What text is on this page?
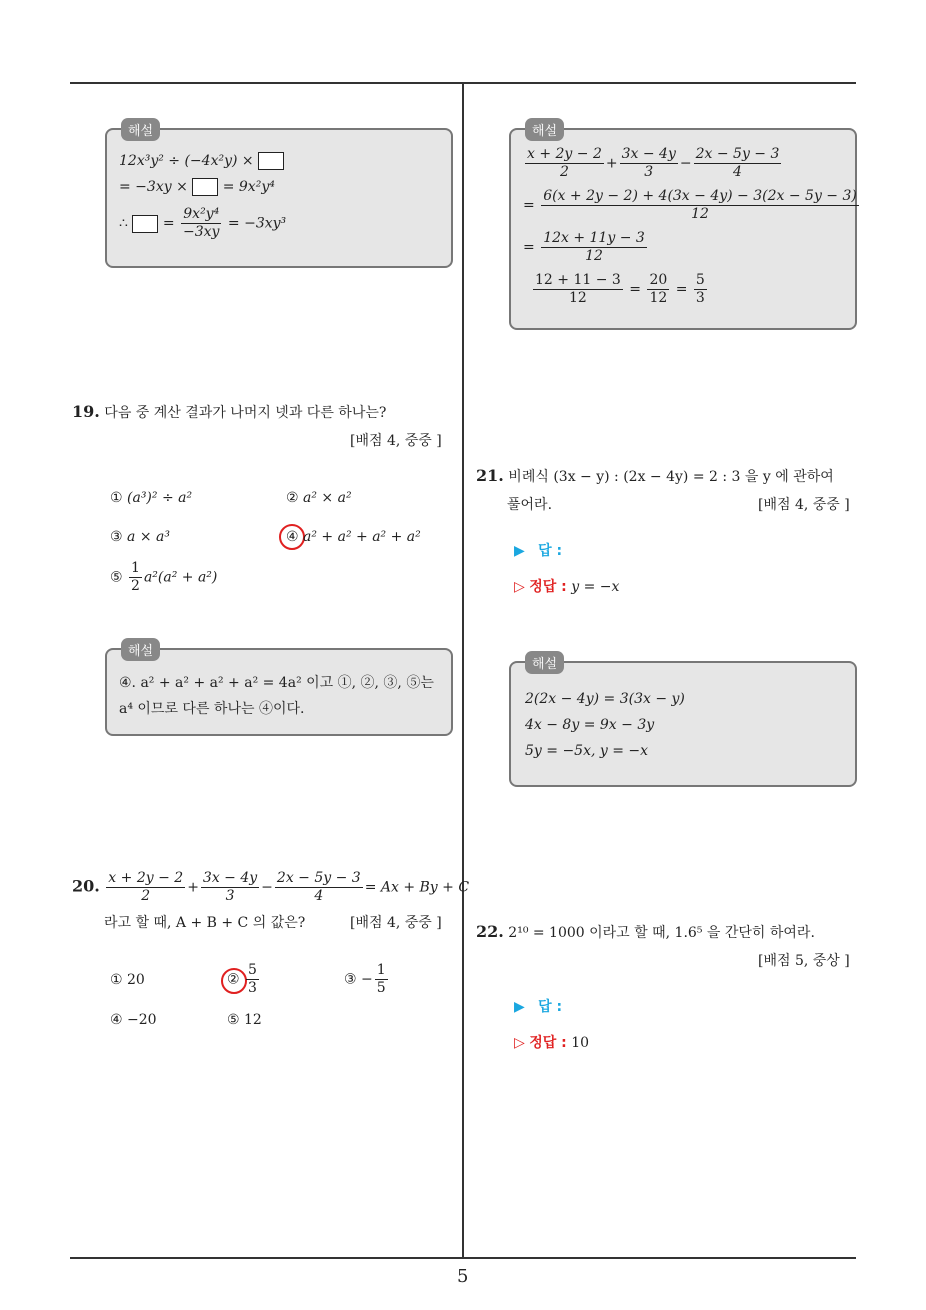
5
해설
12x³y² ÷ (−4x²y) ×
= −3xy × = 9x²y⁴
∴ = $\frac{\text{9x²y⁴}}{-3xy} = -3xy^3$
19. 다음 중 계산 결과가 나머지 넷과 다른 하나는?
[배점 4, 중중 ]
① (a³)² ÷ a²	② a² × a²
③ a × a³	④ a² + a² + a² + a²
⑤ $\frac{1}{2} a^2(a^2 + a^2)$
해설
④. a² + a² + a² + a² = 4a² 이고 ①, ②, ③, ⑤는
a⁴ 이므로 다른 하나는 ④이다.
20. $\frac{x + 2y - 2}{2} + \frac{3x - 4y}{3} - \frac{2x - 5y - 3}{4} = Ax + By + C$
라고 할 때, A + B + C 의 값은?	[배점 4, 중중 ]
① 20	② $\frac{5}{3}$	③ − $\frac{1}{5}$
④ −20	⑤ 12
해설
$\frac{x + 2y - 2}{2} + \frac{3x - 4y}{3} - \frac{2x - 5y - 3}{4}$
= $\frac{6(x + 2y - 2) + 4(3x - 4y) - 3(2x - 5y - 3)}{12}$
= $\frac{12x + 11y - 3}{12}$
$\frac{12 + 11 - 3}{12} = \frac{20}{12} = \frac{5}{3}$
21. 비례식 (3x − y) : (2x − 4y) = 2 : 3 을 y 에 관하여
풀어라.	[배점 4, 중중 ]
▶ 답 :
▷ 정답 : y = −x
해설
2(2x − 4y) = 3(3x − y)
4x − 8y = 9x − 3y
5y = −5x, y = −x
22. 2¹⁰ = 1000 이라고 할 때, 1.6⁵ 을 간단히 하여라.
[배점 5, 중상 ]
▶ 답 :
▷ 정답 : 10
